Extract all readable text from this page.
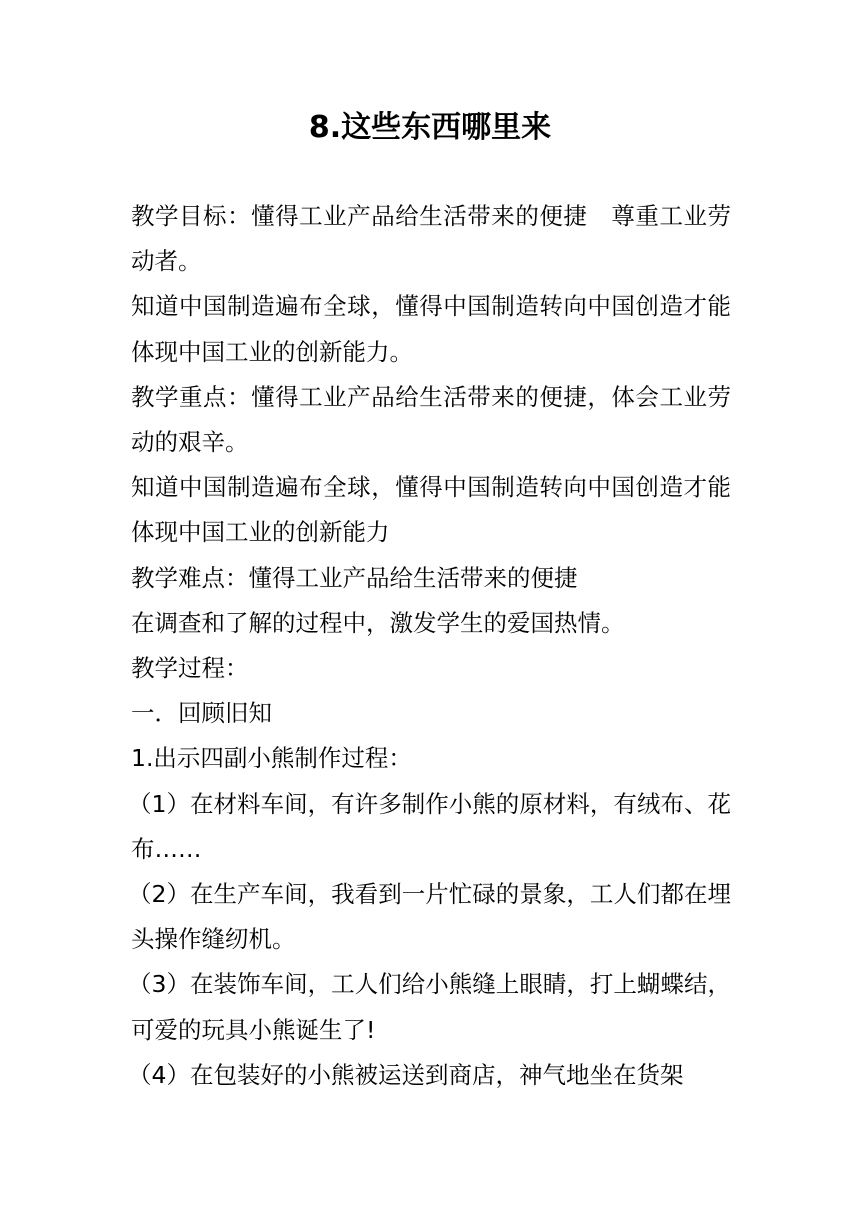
8.这些东西哪里来

教学目标：懂得工业产品给生活带来的便捷　尊重工业劳动者。

知道中国制造遍布全球，懂得中国制造转向中国创造才能体现中国工业的创新能力。

教学重点：懂得工业产品给生活带来的便捷，体会工业劳动的艰辛。

知道中国制造遍布全球，懂得中国制造转向中国创造才能体现中国工业的创新能力

教学难点：懂得工业产品给生活带来的便捷

在调查和了解的过程中，激发学生的爱国热情。

教学过程：

一．回顾旧知

1.出示四副小熊制作过程：

（1）在材料车间，有许多制作小熊的原材料，有绒布、花布……

（2）在生产车间，我看到一片忙碌的景象，工人们都在埋头操作缝纫机。

（3）在装饰车间，工人们给小熊缝上眼睛，打上蝴蝶结，可爱的玩具小熊诞生了!

（4）在包装好的小熊被运送到商店，神气地坐在货架
